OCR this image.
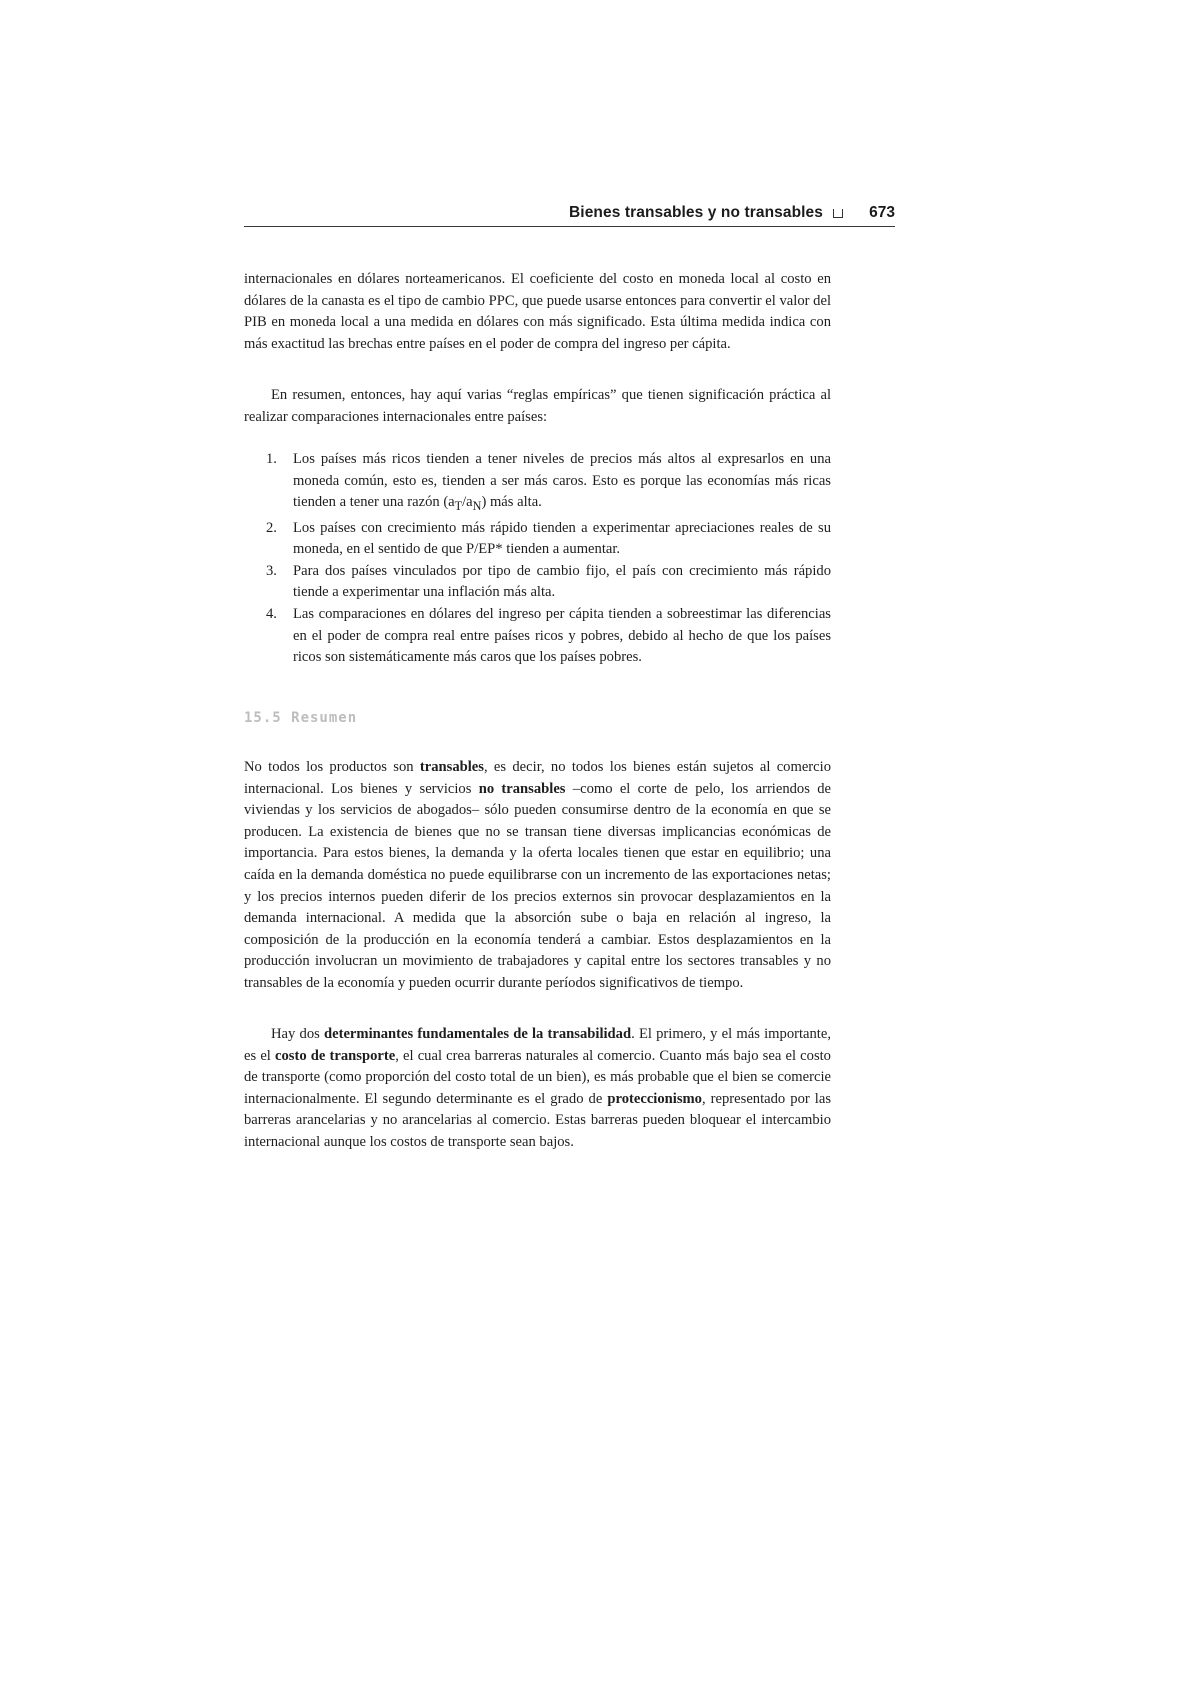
Bienes transables y no transables	673

internacionales en dólares norteamericanos. El coeficiente del costo en moneda local al costo en dólares de la canasta es el tipo de cambio PPC, que puede usarse entonces para convertir el valor del PIB en moneda local a una medida en dólares con más significado. Esta última medida indica con más exactitud las brechas entre países en el poder de compra del ingreso per cápita.

En resumen, entonces, hay aquí varias “reglas empíricas” que tienen significación práctica al realizar comparaciones internacionales entre países:

1. Los países más ricos tienden a tener niveles de precios más altos al expresarlos en una moneda común, esto es, tienden a ser más caros. Esto es porque las economías más ricas tienden a tener una razón $(a_T/a_N)$ más alta.
2. Los países con crecimiento más rápido tienden a experimentar apreciaciones reales de su moneda, en el sentido de que P/EP* tienden a aumentar.
3. Para dos países vinculados por tipo de cambio fijo, el país con crecimiento más rápido tiende a experimentar una inflación más alta.
4. Las comparaciones en dólares del ingreso per cápita tienden a sobreestimar las diferencias en el poder de compra real entre países ricos y pobres, debido al hecho de que los países ricos son sistemáticamente más caros que los países pobres.
15.5 Resumen

No todos los productos son transables, es decir, no todos los bienes están sujetos al comercio internacional. Los bienes y servicios no transables –como el corte de pelo, los arriendos de viviendas y los servicios de abogados– sólo pueden consumirse dentro de la economía en que se producen. La existencia de bienes que no se transan tiene diversas implicancias económicas de importancia. Para estos bienes, la demanda y la oferta locales tienen que estar en equilibrio; una caída en la demanda doméstica no puede equilibrarse con un incremento de las exportaciones netas; y los precios internos pueden diferir de los precios externos sin provocar desplazamientos en la demanda internacional. A medida que la absorción sube o baja en relación al ingreso, la composición de la producción en la economía tenderá a cambiar. Estos desplazamientos en la producción involucran un movimiento de trabajadores y capital entre los sectores transables y no transables de la economía y pueden ocurrir durante períodos significativos de tiempo.

Hay dos determinantes fundamentales de la transabilidad. El primero, y el más importante, es el costo de transporte, el cual crea barreras naturales al comercio. Cuanto más bajo sea el costo de transporte (como proporción del costo total de un bien), es más probable que el bien se comercie internacionalmente. El segundo determinante es el grado de proteccionismo, representado por las barreras arancelarias y no arancelarias al comercio. Estas barreras pueden bloquear el intercambio internacional aunque los costos de transporte sean bajos.
